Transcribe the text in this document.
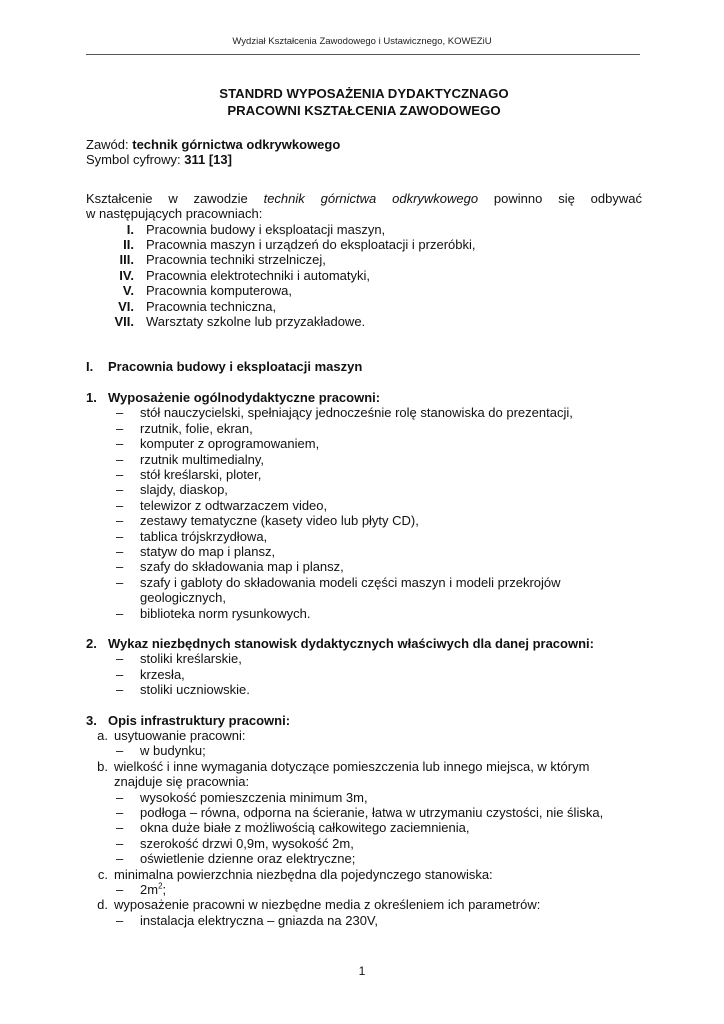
Wydział Kształcenia Zawodowego i Ustawicznego, KOWEZiU
STANDRD WYPOSAŻENIA DYDAKTYCZNAGO
PRACOWNI KSZTAŁCENIA ZAWODOWEGO

Zawód: technik górnictwa odkrywkowego

Symbol cyfrowy: 311 [13]

Kształcenie w zawodzie technik górnictwa odkrywkowego powinno się odbywać

w następujących pracowniach:

I. Pracownia budowy i eksploatacji maszyn,
II. Pracownia maszyn i urządzeń do eksploatacji i przeróbki,
III. Pracownia techniki strzelniczej,
IV. Pracownia elektrotechniki i automatyki,
V. Pracownia komputerowa,
VI. Pracownia techniczna,
VII. Warsztaty szkolne lub przyzakładowe.
I.	Pracownia budowy i eksploatacji maszyn
1. Wyposażenie ogólnodydaktyczne pracowni:
–	stół nauczycielski, spełniający jednocześnie rolę stanowiska do prezentacji,
–	rzutnik, folie, ekran,
–	komputer z oprogramowaniem,
–	rzutnik multimedialny,
–	stół kreślarski, ploter,
–	slajdy, diaskop,
–	telewizor z odtwarzaczem video,
–	zestawy tematyczne (kasety video lub płyty CD),
–	tablica trójskrzydłowa,
–	statyw do map i plansz,
–	szafy do składowania map i plansz,
–	szafy i gabloty do składowania modeli części maszyn i modeli przekrojów geologicznych,
–	biblioteka norm rysunkowych.
2. Wykaz niezbędnych stanowisk dydaktycznych właściwych dla danej pracowni:
–	stoliki kreślarskie,
–	krzesła,
–	stoliki uczniowskie.
3. Opis infrastruktury pracowni:
a. usytuowanie pracowni:
–	w budynku;
b. wielkość i inne wymagania dotyczące pomieszczenia lub innego miejsca, w którym
znajduje się pracownia:
–	wysokość pomieszczenia minimum 3m,
–	podłoga – równa, odporna na ścieranie, łatwa w utrzymaniu czystości, nie śliska,
–	okna duże białe z możliwością całkowitego zaciemnienia,
–	szerokość drzwi 0,9m, wysokość 2m,
–	oświetlenie dzienne oraz elektryczne;
c. minimalna powierzchnia niezbędna dla pojedynczego stanowiska:
–	$2m^2$;
d. wyposażenie pracowni w niezbędne media z określeniem ich parametrów:
–	instalacja elektryczna – gniazda na 230V,
1
